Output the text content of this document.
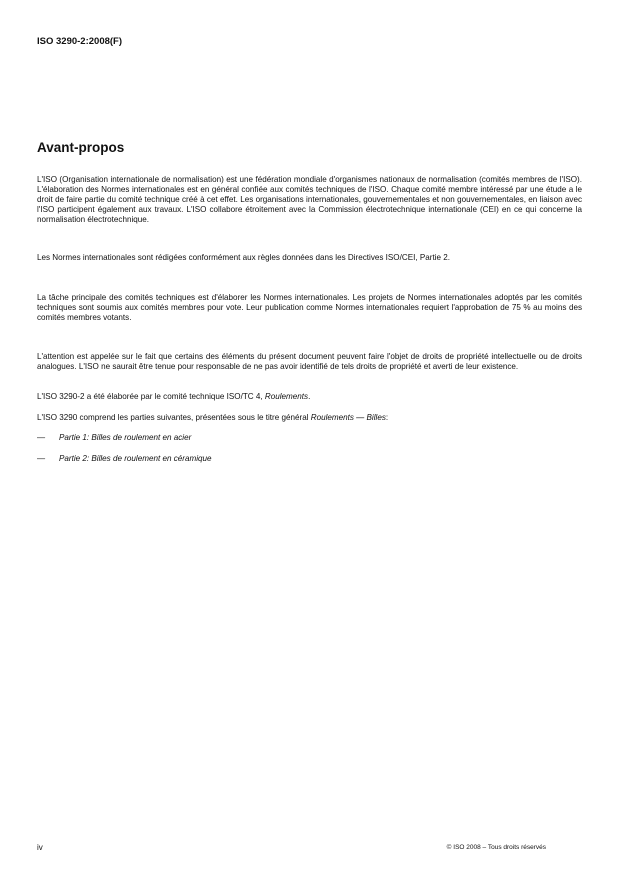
ISO 3290-2:2008(F)
Avant-propos
L'ISO (Organisation internationale de normalisation) est une fédération mondiale d'organismes nationaux de normalisation (comités membres de l'ISO). L'élaboration des Normes internationales est en général confiée aux comités techniques de l'ISO. Chaque comité membre intéressé par une étude a le droit de faire partie du comité technique créé à cet effet. Les organisations internationales, gouvernementales et non gouvernementales, en liaison avec l'ISO participent également aux travaux. L'ISO collabore étroitement avec la Commission électrotechnique internationale (CEI) en ce qui concerne la normalisation électrotechnique.
Les Normes internationales sont rédigées conformément aux règles données dans les Directives ISO/CEI, Partie 2.
La tâche principale des comités techniques est d'élaborer les Normes internationales. Les projets de Normes internationales adoptés par les comités techniques sont soumis aux comités membres pour vote. Leur publication comme Normes internationales requiert l'approbation de 75 % au moins des comités membres votants.
L'attention est appelée sur le fait que certains des éléments du présent document peuvent faire l'objet de droits de propriété intellectuelle ou de droits analogues. L'ISO ne saurait être tenue pour responsable de ne pas avoir identifié de tels droits de propriété et averti de leur existence.
L'ISO 3290-2 a été élaborée par le comité technique ISO/TC 4, Roulements.
L'ISO 3290 comprend les parties suivantes, présentées sous le titre général Roulements — Billes:
— Partie 1: Billes de roulement en acier
— Partie 2: Billes de roulement en céramique
iv	© ISO 2008 – Tous droits réservés
